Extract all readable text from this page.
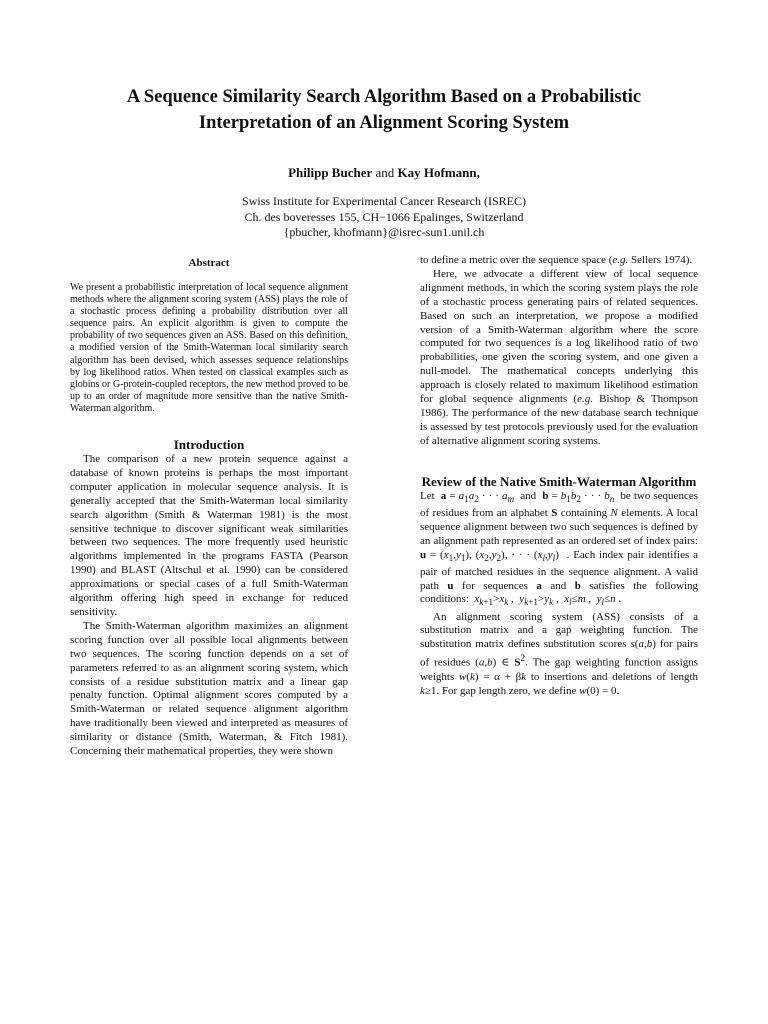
A Sequence Similarity Search Algorithm Based on a Probabilistic Interpretation of an Alignment Scoring System
Philipp Bucher and Kay Hofmann,
Swiss Institute for Experimental Cancer Research (ISREC)
Ch. des boveresses 155, CH−1066 Epalinges, Switzerland
{pbucher, khofmann}@isrec-sun1.unil.ch
Abstract

We present a probabilistic interpretation of local sequence alignment methods where the alignment scoring system (ASS) plays the role of a stochastic process defining a probability distribution over all sequence pairs. An explicit algorithm is given to compute the probability of two sequences given an ASS. Based on this definition, a modified version of the Smith-Waterman local similarity search algorithm has been devised, which assesses sequence relationships by log likelihood ratios. When tested on classical examples such as globins or G-protein-coupled receptors, the new method proved to be up to an order of magnitude more sensitive than the native Smith-Waterman algorithm.

Introduction

The comparison of a new protein sequence against a database of known proteins is perhaps the most important computer application in molecular sequence analysis. It is generally accepted that the Smith-Waterman local similarity search algorithm (Smith & Waterman 1981) is the most sensitive technique to discover significant weak similarities between two sequences. The more frequently used heuristic algorithms implemented in the programs FASTA (Pearson 1990) and BLAST (Altschul et al. 1990) can be considered approximations or special cases of a full Smith-Waterman algorithm offering high speed in exchange for reduced sensitivity.

The Smith-Waterman algorithm maximizes an alignment scoring function over all possible local alignments between two sequences. The scoring function depends on a set of parameters referred to as an alignment scoring system, which consists of a residue substitution matrix and a linear gap penalty function. Optimal alignment scores computed by a Smith-Waterman or related sequence alignment algorithm have traditionally been viewed and interpreted as measures of similarity or distance (Smith, Waterman, & Fitch 1981). Concerning their mathematical properties, they were shown

to define a metric over the sequence space (e.g. Sellers 1974).

Here, we advocate a different view of local sequence alignment methods, in which the scoring system plays the role of a stochastic process generating pairs of related sequences. Based on such an interpretation, we propose a modified version of a Smith-Waterman algorithm where the score computed for two sequences is a log likelihood ratio of two probabilities, one given the scoring system, and one given a null-model. The mathematical concepts underlying this approach is closely related to maximum likelihood estimation for global sequence alignments (e.g. Bishop & Thompson 1986). The performance of the new database search technique is assessed by test protocols previously used for the evaluation of alternative alignment scoring systems.

Review of the Native Smith-Waterman Algorithm

Let  $a = a_1a_2$ · · · $a_m$  and  $b = b_1b_2$ · · · $b_n$  be two sequences of residues from an alphabet S containing N elements. A local sequence alignment between two such sequences is defined by an alignment path represented as an ordered set of index pairs: $u = (x_1,y_1)$, $(x_2,y_2)$, · · · $(x_l,y_l)$  . Each index pair identifies a pair of matched residues in the sequence alignment. A valid path u for sequences a and b satisfies the following conditions:  $x_{k+1}>x_k$ ,  $y_{k+1}>y_k$ ,  $x_l\le m$ ,  $y_l\le n$ .

An alignment scoring system (ASS) consists of a substitution matrix and a gap weighting function. The substitution matrix defines substitution scores s(a,b) for pairs of residues (a,b) ∈ $S^2$. The gap weighting function assigns weights w(k) = α + βk to insertions and deletions of length k≥1. For gap length zero, we define w(0) = 0.
